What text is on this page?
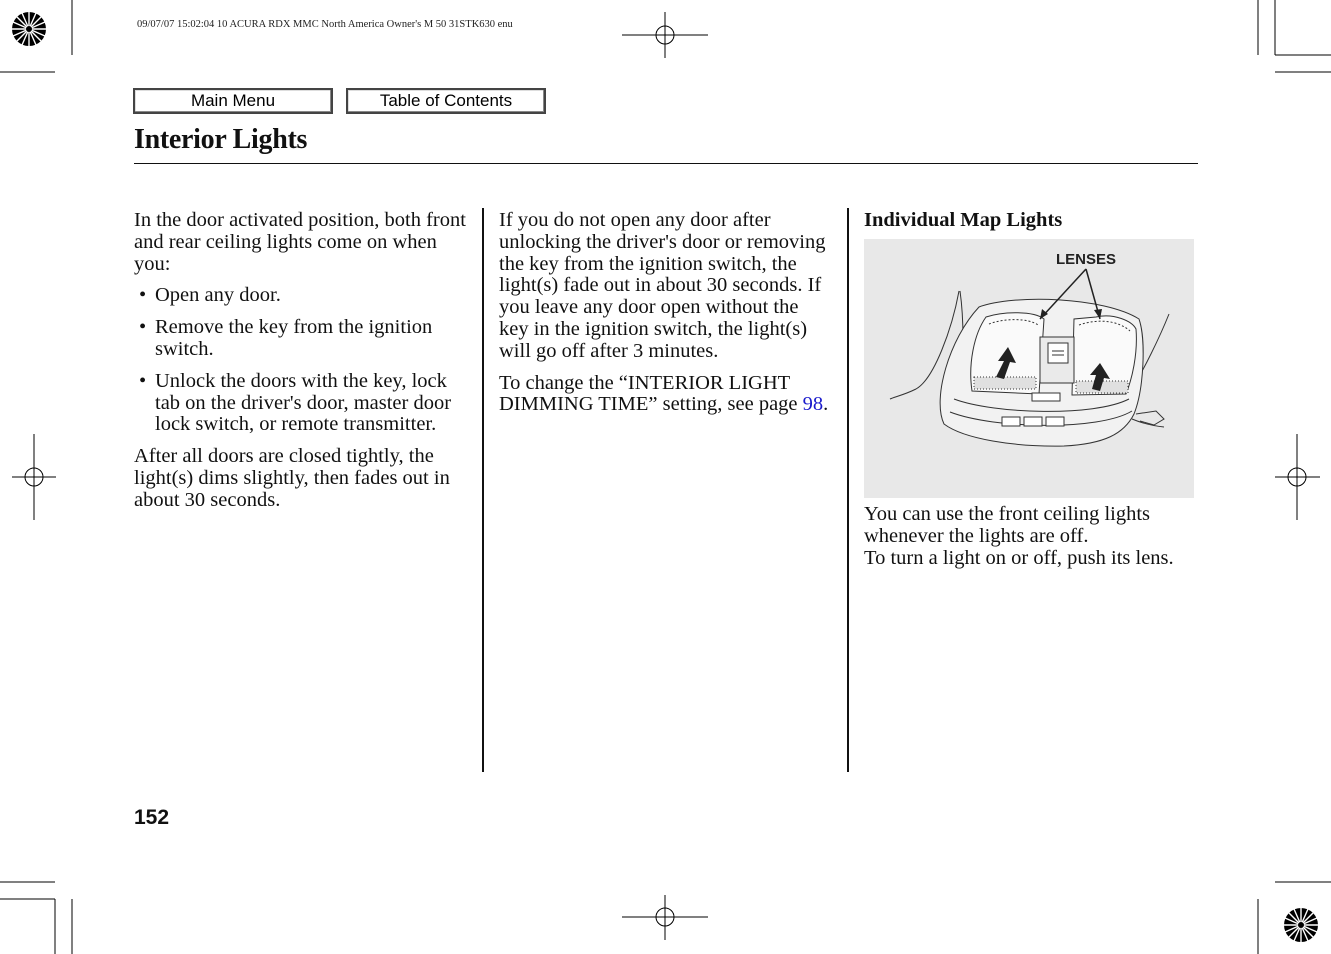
09/07/07 15:02:04 10 ACURA RDX MMC North America Owner's M 50 31STK630 enu
Main Menu	Table of Contents
Interior Lights

In the door activated position, both front and rear ceiling lights come on when you:

• Open any door.
• Remove the key from the ignition switch.
• Unlock the doors with the key, lock tab on the driver's door, master door lock switch, or remote transmitter.

After all doors are closed tightly, the light(s) dims slightly, then fades out in about 30 seconds.

If you do not open any door after unlocking the driver's door or removing the key from the ignition switch, the light(s) fade out in about 30 seconds. If you leave any door open without the key in the ignition switch, the light(s) will go off after 3 minutes.

To change the “INTERIOR LIGHT DIMMING TIME” setting, see page 98.

Individual Map Lights

LENSES

You can use the front ceiling lights whenever the lights are off.

To turn a light on or off, push its lens.

152
